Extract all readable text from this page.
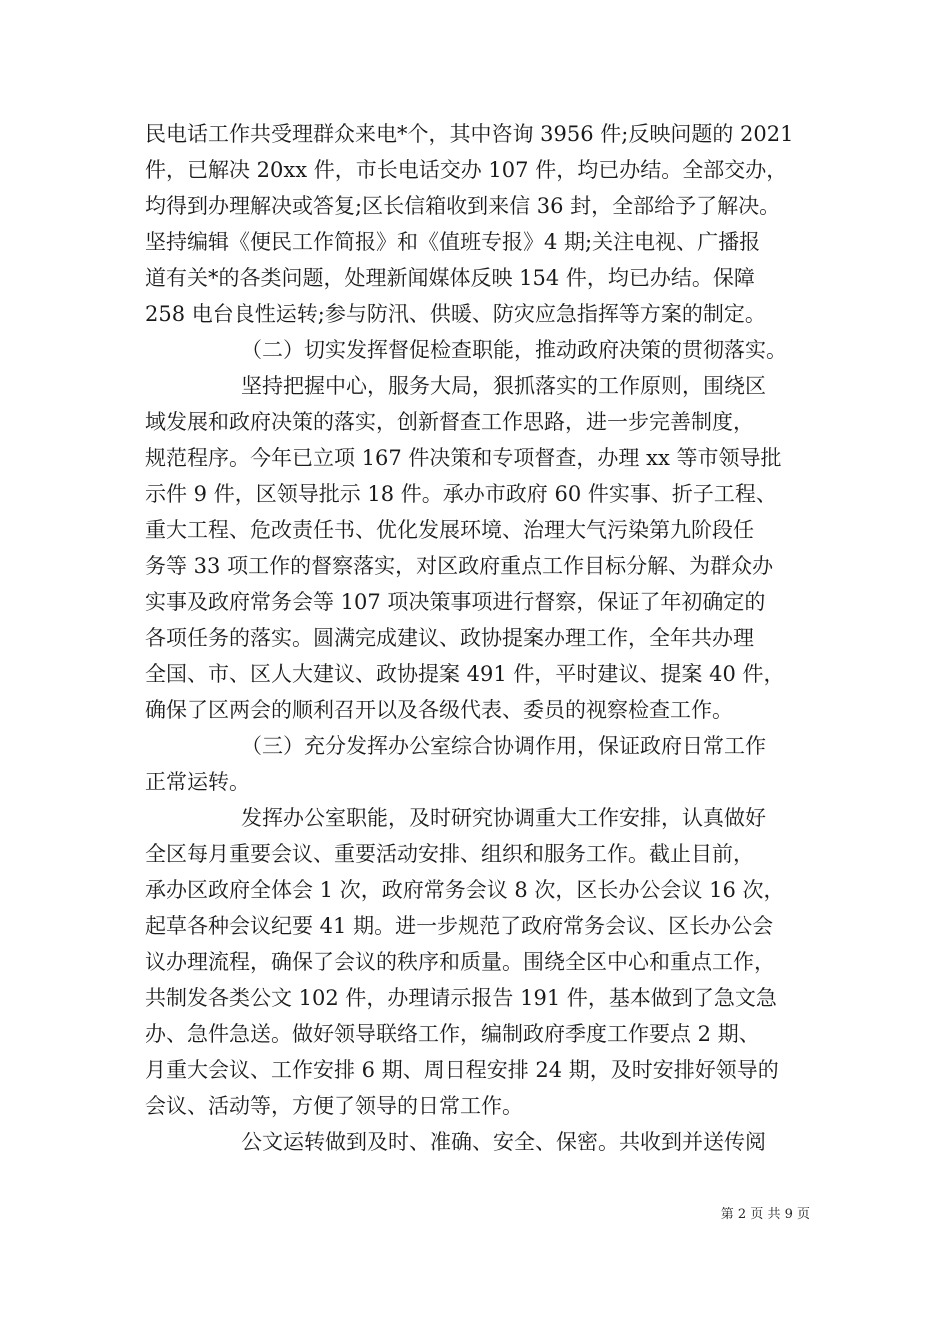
民电话工作共受理群众来电*个，其中咨询 3956 件;反映问题的 2021
件，已解决 20xx 件，市长电话交办 107 件，均已办结。全部交办，
均得到办理解决或答复;区长信箱收到来信 36 封，全部给予了解决。
坚持编辑《便民工作简报》和《值班专报》4 期;关注电视、广播报
道有关*的各类问题，处理新闻媒体反映 154 件，均已办结。保障
258 电台良性运转;参与防汛、供暖、防灾应急指挥等方案的制定。
（二）切实发挥督促检查职能，推动政府决策的贯彻落实。
坚持把握中心，服务大局，狠抓落实的工作原则，围绕区
域发展和政府决策的落实，创新督查工作思路，进一步完善制度，
规范程序。今年已立项 167 件决策和专项督查，办理 xx 等市领导批
示件 9 件，区领导批示 18 件。承办市政府 60 件实事、折子工程、
重大工程、危改责任书、优化发展环境、治理大气污染第九阶段任
务等 33 项工作的督察落实，对区政府重点工作目标分解、为群众办
实事及政府常务会等 107 项决策事项进行督察，保证了年初确定的
各项任务的落实。圆满完成建议、政协提案办理工作，全年共办理
全国、市、区人大建议、政协提案 491 件，平时建议、提案 40 件，
确保了区两会的顺利召开以及各级代表、委员的视察检查工作。
（三）充分发挥办公室综合协调作用，保证政府日常工作
正常运转。
发挥办公室职能，及时研究协调重大工作安排，认真做好
全区每月重要会议、重要活动安排、组织和服务工作。截止目前，
承办区政府全体会 1 次，政府常务会议 8 次，区长办公会议 16 次，
起草各种会议纪要 41 期。进一步规范了政府常务会议、区长办公会
议办理流程，确保了会议的秩序和质量。围绕全区中心和重点工作，
共制发各类公文 102 件，办理请示报告 191 件，基本做到了急文急
办、急件急送。做好领导联络工作，编制政府季度工作要点 2 期、
月重大会议、工作安排 6 期、周日程安排 24 期，及时安排好领导的
会议、活动等，方便了领导的日常工作。
公文运转做到及时、准确、安全、保密。共收到并送传阅
第 2 页 共 9 页
